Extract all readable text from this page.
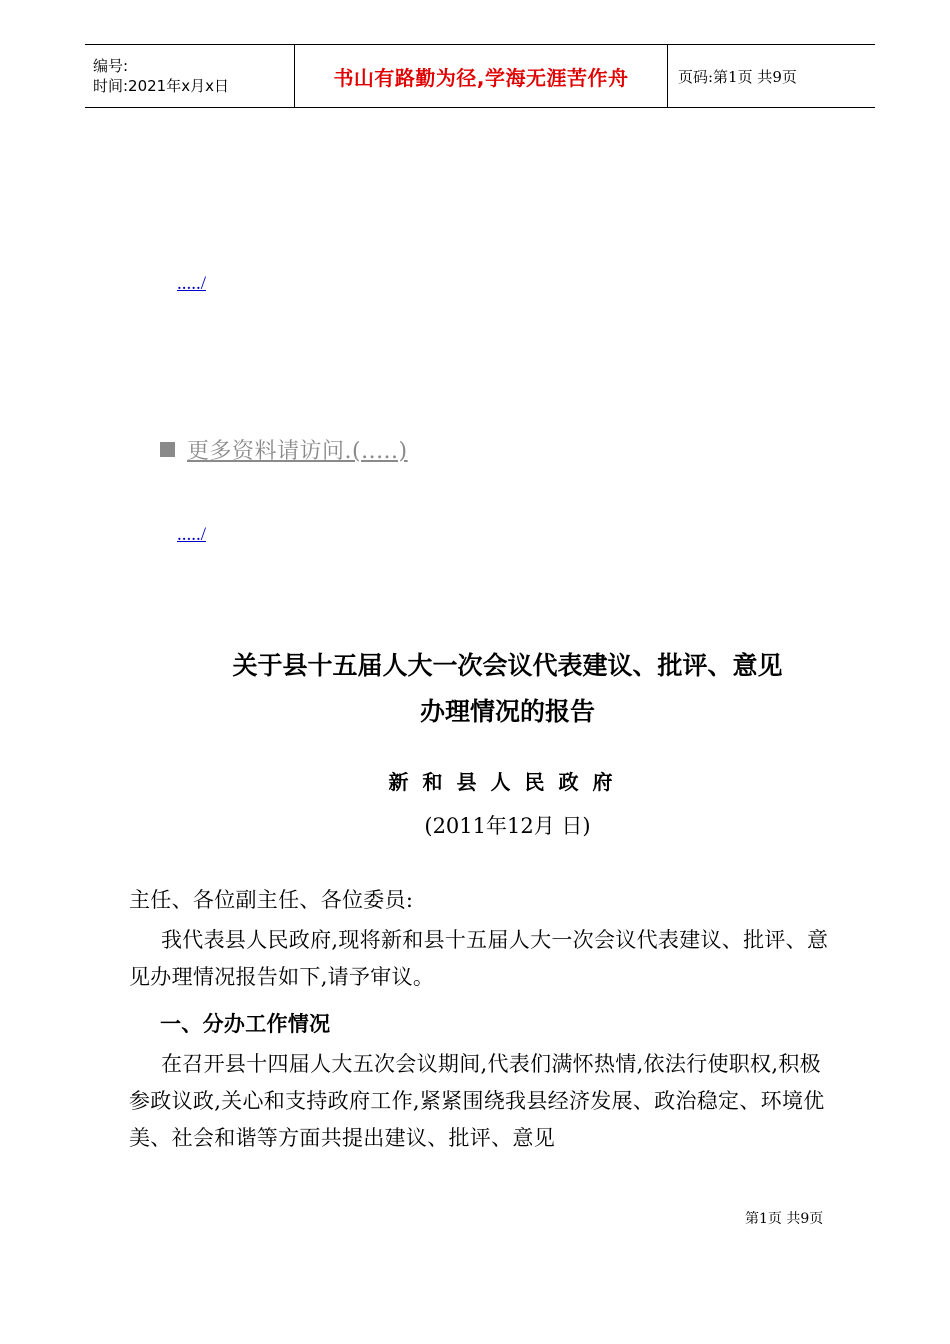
编号:
时间:2021年x月x日	书山有路勤为径,学海无涯苦作舟	页码:第1页 共9页
...../
更多资料请访问.(.....)
...../
关于县十五届人大一次会议代表建议、批评、意见
办理情况的报告
新和县人民政府
(2011年12月 日)
主任、各位副主任、各位委员:
我代表县人民政府,现将新和县十五届人大一次会议代表建议、批评、意见办理情况报告如下,请予审议。
一、分办工作情况
在召开县十四届人大五次会议期间,代表们满怀热情,依法行使职权,积极参政议政,关心和支持政府工作,紧紧围绕我县经济发展、政治稳定、环境优美、社会和谐等方面共提出建议、批评、意见
第1页 共9页
